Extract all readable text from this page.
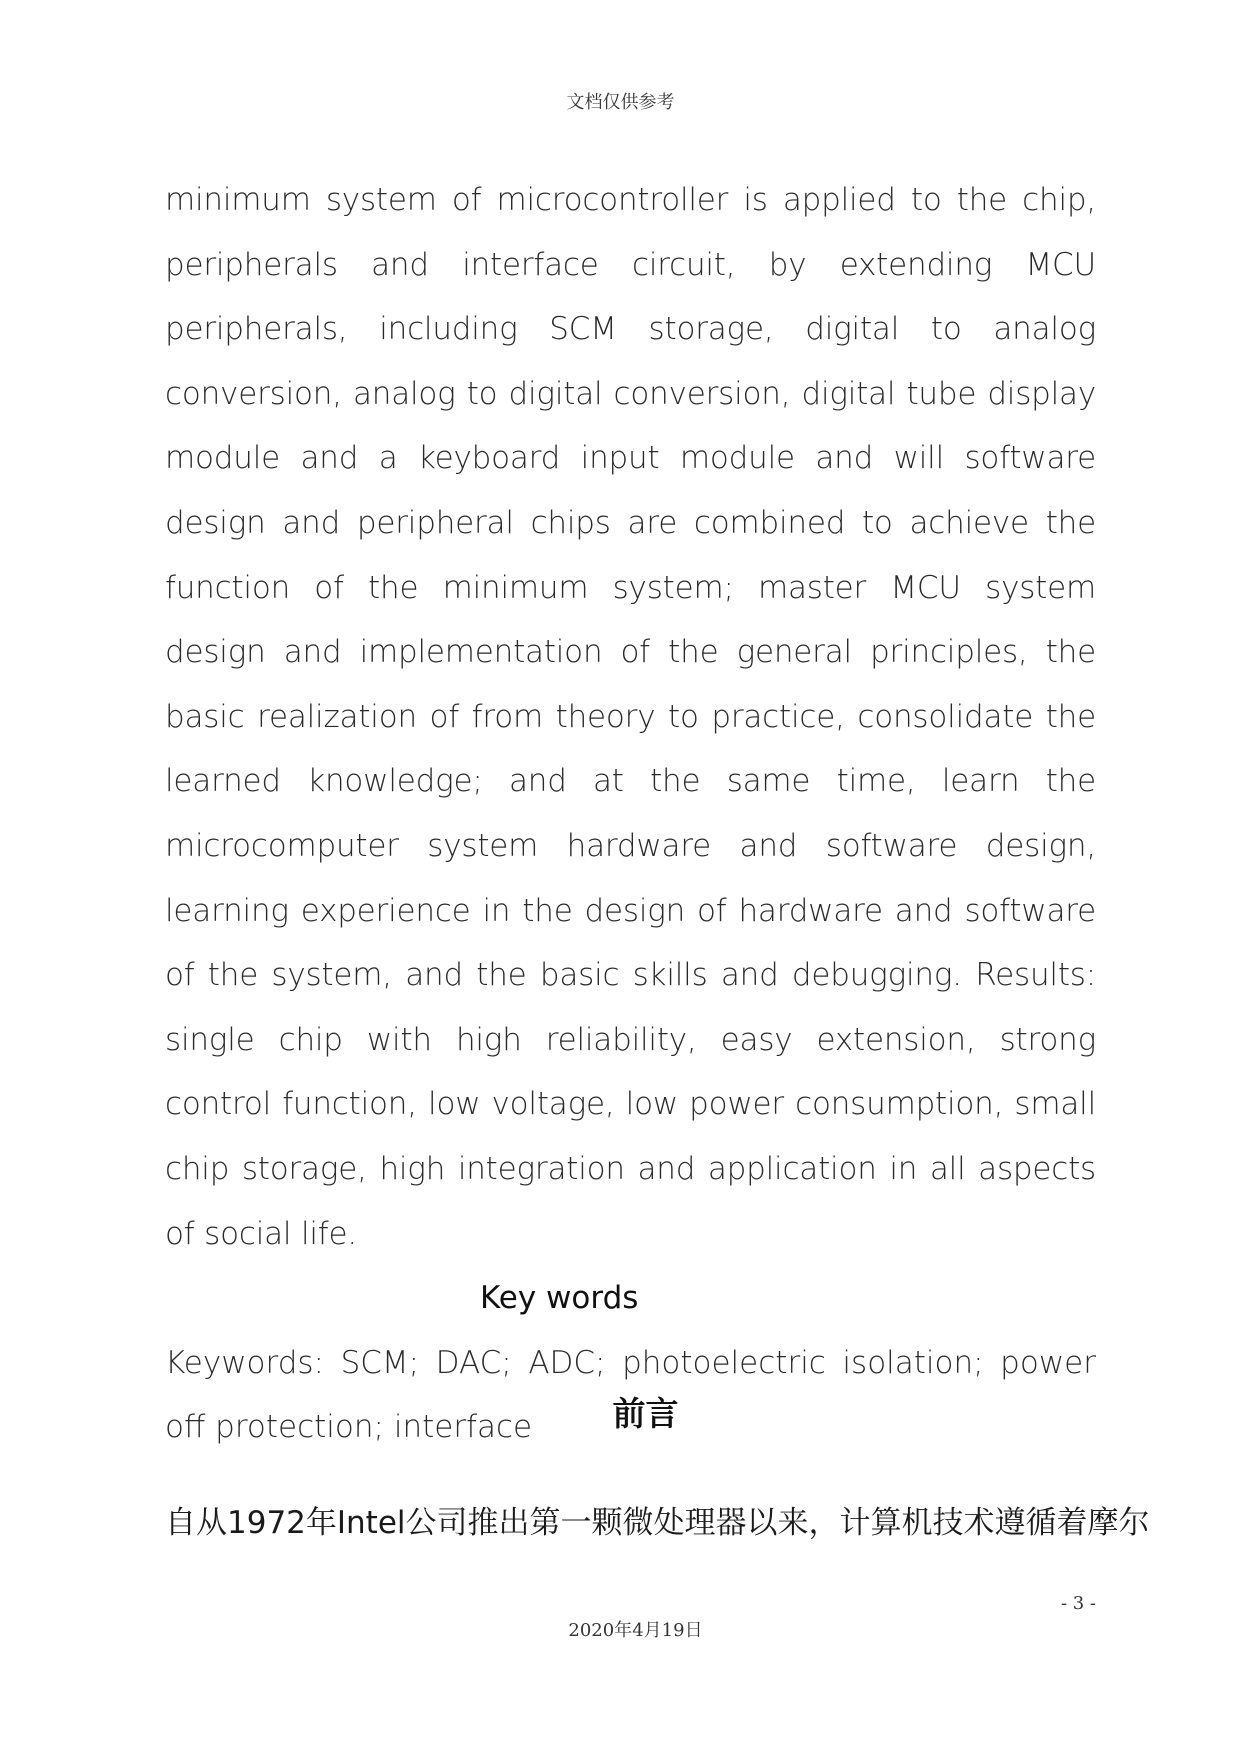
文档仅供参考

minimum system of microcontroller is applied to the chip, peripherals and interface circuit, by extending MCU peripherals, including SCM storage, digital to analog conversion, analog to digital conversion, digital tube display module and a keyboard input module and will software design and peripheral chips are combined to achieve the function of the minimum system; master MCU system design and implementation of the general principles, the basic realization of from theory to practice, consolidate the learned knowledge; and at the same time, learn the microcomputer system hardware and software design, learning experience in the design of hardware and software of the system, and the basic skills and debugging. Results: single chip with high reliability, easy extension, strong control function, low voltage, low power consumption, small chip storage, high integration and application in all aspects of social life.

Key words

Keywords: SCM; DAC; ADC; photoelectric isolation; power off protection; interface	前言
自从1972年Intel公司推出第一颗微处理器以来，计算机技术遵循着摩尔
- 3 -
2020年4月19日
